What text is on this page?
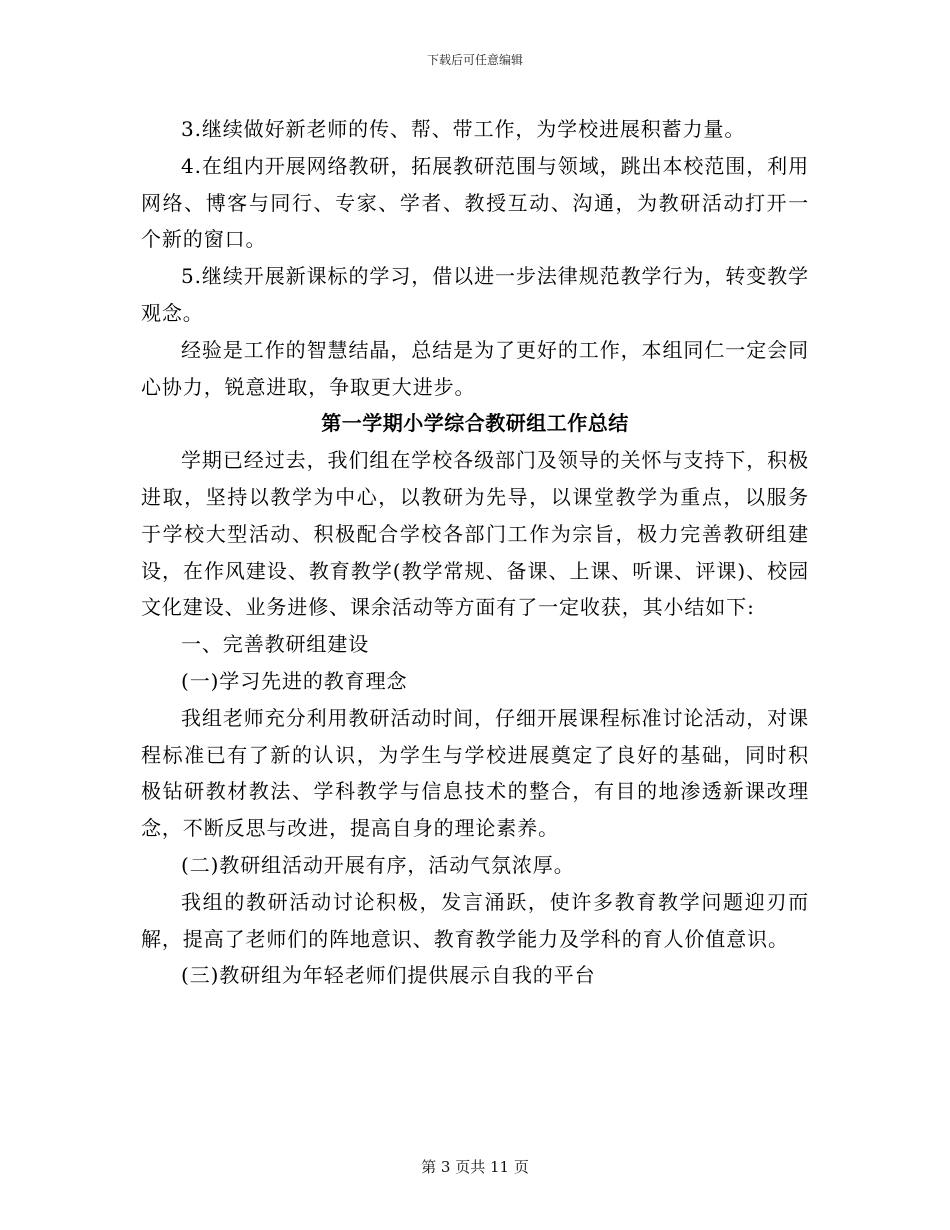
下载后可任意编辑

3.继续做好新老师的传、帮、带工作，为学校进展积蓄力量。

4.在组内开展网络教研，拓展教研范围与领域，跳出本校范围，利用网络、博客与同行、专家、学者、教授互动、沟通，为教研活动打开一个新的窗口。

5.继续开展新课标的学习，借以进一步法律规范教学行为，转变教学观念。

经验是工作的智慧结晶，总结是为了更好的工作，本组同仁一定会同心协力，锐意进取，争取更大进步。

第一学期小学综合教研组工作总结

学期已经过去，我们组在学校各级部门及领导的关怀与支持下，积极进取，坚持以教学为中心，以教研为先导，以课堂教学为重点，以服务于学校大型活动、积极配合学校各部门工作为宗旨，极力完善教研组建设，在作风建设、教育教学(教学常规、备课、上课、听课、评课)、校园文化建设、业务进修、课余活动等方面有了一定收获，其小结如下:

一、完善教研组建设

(一)学习先进的教育理念

我组老师充分利用教研活动时间，仔细开展课程标准讨论活动，对课程标准已有了新的认识，为学生与学校进展奠定了良好的基础，同时积极钻研教材教法、学科教学与信息技术的整合，有目的地渗透新课改理念，不断反思与改进，提高自身的理论素养。

(二)教研组活动开展有序，活动气氛浓厚。

我组的教研活动讨论积极，发言涌跃，使许多教育教学问题迎刃而解，提高了老师们的阵地意识、教育教学能力及学科的育人价值意识。

(三)教研组为年轻老师们提供展示自我的平台

第 3 页共 11 页
